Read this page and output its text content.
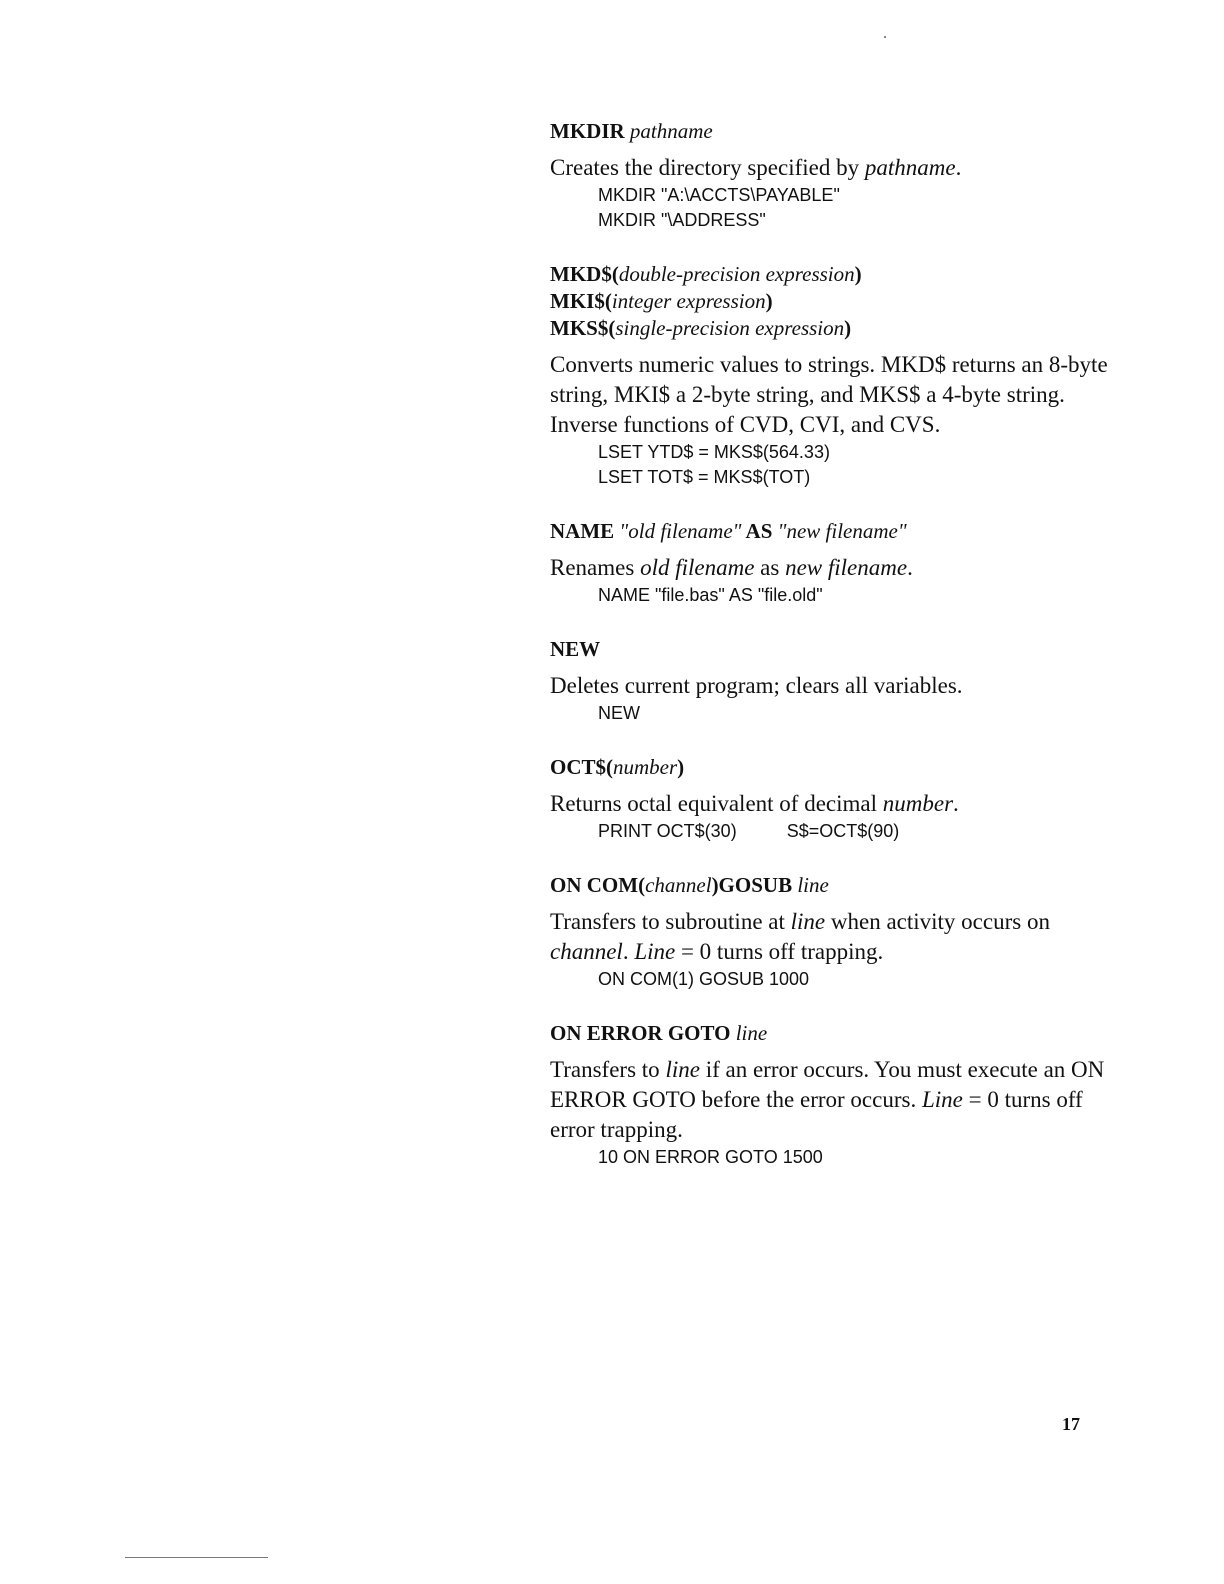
MKDIR pathname
Creates the directory specified by pathname.
MKDIR "A:\ACCTS\PAYABLE"
MKDIR "\ADDRESS"
MKD$(double-precision expression)
MKI$(integer expression)
MKS$(single-precision expression)
Converts numeric values to strings. MKD$ returns an 8-byte string, MKI$ a 2-byte string, and MKS$ a 4-byte string. Inverse functions of CVD, CVI, and CVS.
LSET YTD$ = MKS$(564.33)
LSET TOT$ = MKS$(TOT)
NAME "old filename" AS "new filename"
Renames old filename as new filename.
NAME "file.bas" AS "file.old"
NEW
Deletes current program; clears all variables.
NEW
OCT$(number)
Returns octal equivalent of decimal number.
PRINT OCT$(30)          S$=OCT$(90)
ON COM(channel)GOSUB line
Transfers to subroutine at line when activity occurs on channel. Line = 0 turns off trapping.
ON COM(1) GOSUB 1000
ON ERROR GOTO line
Transfers to line if an error occurs. You must execute an ON ERROR GOTO before the error occurs. Line = 0 turns off error trapping.
10 ON ERROR GOTO 1500
17
